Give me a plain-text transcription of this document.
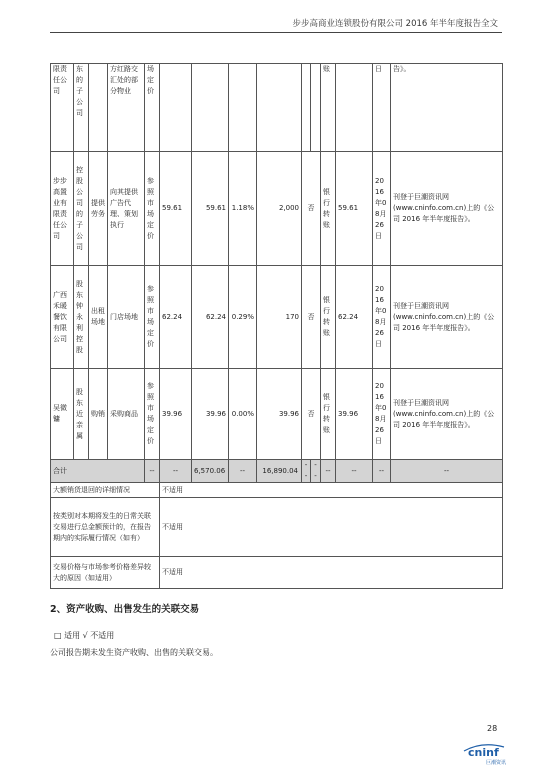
步步高商业连锁股份有限公司 2016 年半年度报告全文
限责任公司	东的子公司		方红路交汇处的部分物业	场定价							账		日	告》。
步步高置业有限责任公司	控股公司的子公司	提供劳务	向其提供广告代理、策划执行	参照市场定价	59.61	59.61	1.18%	2,000	否		银行转账	59.61	2016年08月26日	刊登于巨潮资讯网(www.cninfo.com.cn)上的《公司 2016 年半年度报告》。
广西禾暖餐饮有限公司	股东钟永利控股	出租场地	门店场地	参照市场定价	62.24	62.24	0.29%	170	否		银行转账	62.24	2016年08月26日	刊登于巨潮资讯网(www.cninfo.com.cn)上的《公司 2016 年半年度报告》。
吴微镛	股东近亲属	购销	采购商品	参照市场定价	39.96	39.96	0.00%	39.96	否		银行转账	39.96	2016年08月26日	刊登于巨潮资讯网(www.cninfo.com.cn)上的《公司 2016 年半年度报告》。
合计				--	--	6,570.06	--	16,890.04	--	--	--	--	--	--
大额销货退回的详细情况					不适用									
按类别对本期将发生的日常关联交易进行总金额预计的，在报告期内的实际履行情况（如有）					不适用									
交易价格与市场参考价格差异较大的原因（如适用）					不适用									
2、资产收购、出售发生的关联交易
□ 适用 √ 不适用
公司报告期未发生资产收购、出售的关联交易。
28
cninf
巨潮资讯
